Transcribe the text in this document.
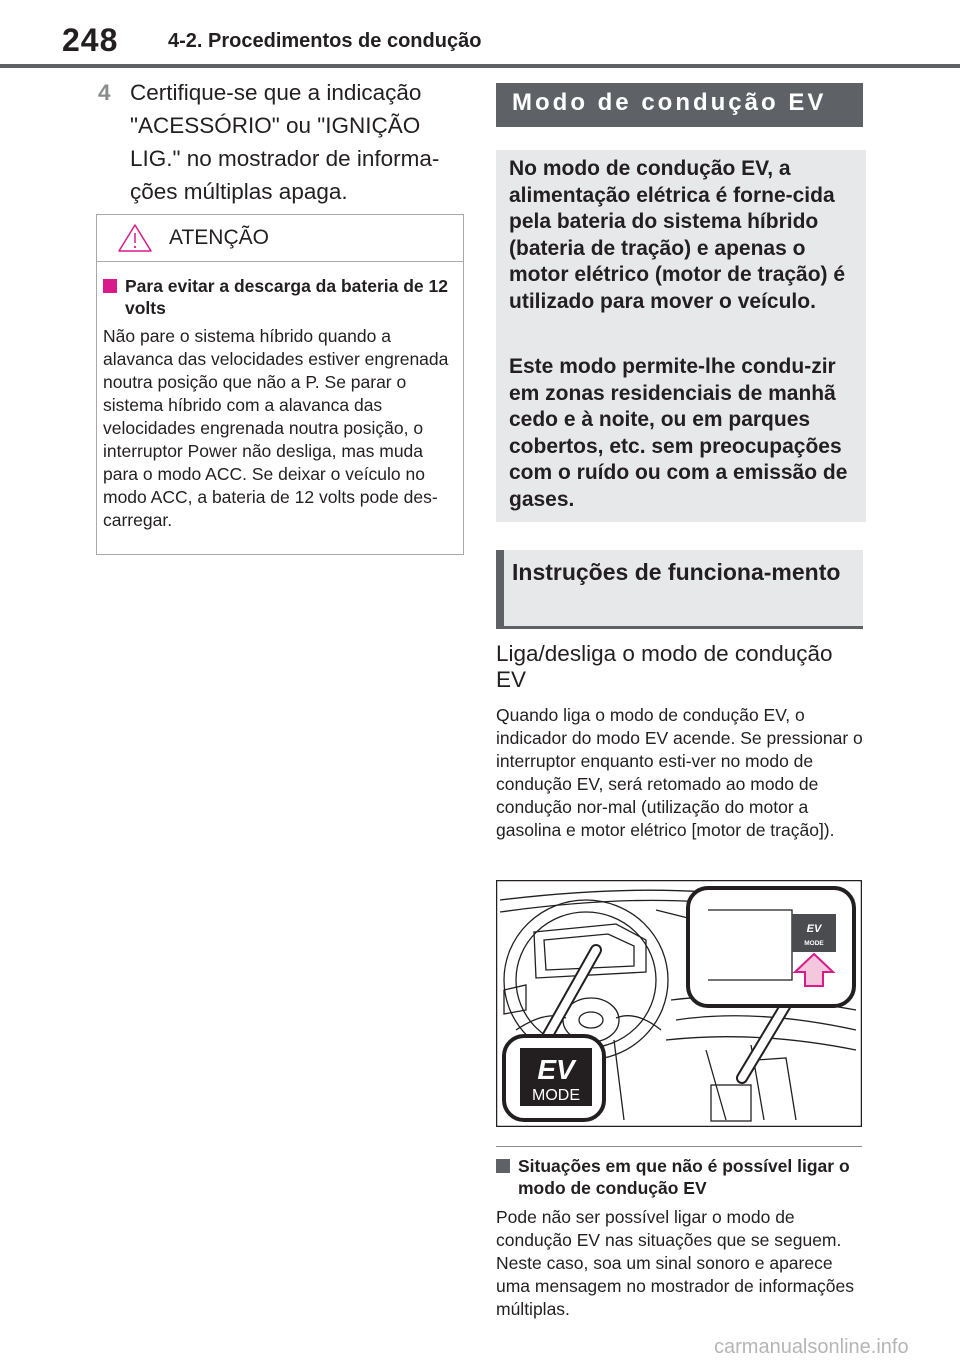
248 4-2. Procedimentos de condução
4 Certifique-se que a indicação "ACESSÓRIO" ou "IGNIÇÃO LIG." no mostrador de informa-ções múltiplas apaga.
ATENÇÃO
Para evitar a descarga da bateria de 12 volts
Não pare o sistema híbrido quando a alavanca das velocidades estiver engrenada noutra posição que não a P. Se parar o sistema híbrido com a alavanca das velocidades engrenada noutra posição, o interruptor Power não desliga, mas muda para o modo ACC. Se deixar o veículo no modo ACC, a bateria de 12 volts pode des-carregar.
Modo de condução EV

No modo de condução EV, a alimentação elétrica é forne-cida pela bateria do sistema híbrido (bateria de tração) e apenas o motor elétrico (motor de tração) é utilizado para mover o veículo.

Este modo permite-lhe condu-zir em zonas residenciais de manhã cedo e à noite, ou em parques cobertos, etc. sem preocupações com o ruído ou com a emissão de gases.

Instruções de funciona-mento
Liga/desliga o modo de condução EV
Quando liga o modo de condução EV, o indicador do modo EV acende. Se pressionar o interruptor enquanto esti-ver no modo de condução EV, será retomado ao modo de condução nor-mal (utilização do motor a gasolina e motor elétrico [motor de tração]).
EV
MODE
EV
MODE
Situações em que não é possível ligar o modo de condução EV
Pode não ser possível ligar o modo de condução EV nas situações que se seguem. Neste caso, soa um sinal sonoro e aparece uma mensagem no mostrador de informações múltiplas.
carmanualsonline.info
